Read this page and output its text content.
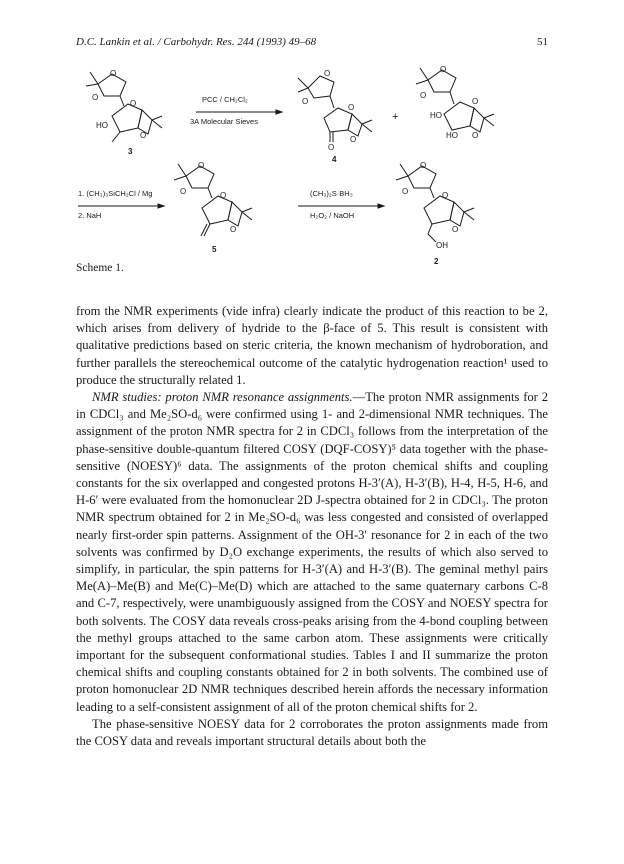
D.C. Lankin et al. / Carbohydr. Res. 244 (1993) 49–68	51
O
O
O
O
HO
3
PCC / CH₂Cl₂
3A Molecular Sieves
O
O
O
O
O
4
+
O
O
O
O
HO
HO
1. (CH₃)₃SiCH₂Cl / Mg
2. NaH
O
O	O
O
5
(CH₃)₂S·BH₃
H₂O₂ / NaOH
O
O	O
O
OH
2
Scheme 1.

from the NMR experiments (vide infra) clearly indicate the product of this reaction to be 2, which arises from delivery of hydride to the β-face of 5. This result is consistent with qualitative predictions based on steric criteria, the known mechanism of hydroboration, and further parallels the stereochemical outcome of the catalytic hydrogenation reaction¹ used to produce the structurally related 1.

NMR studies: proton NMR resonance assignments.—The proton NMR assignments for 2 in CDCl₃ and Me₂SO-d₆ were confirmed using 1- and 2-dimensional NMR techniques. The assignment of the proton NMR spectra for 2 in CDCl₃ follows from the interpretation of the phase-sensitive double-quantum filtered COSY (DQF-COSY)⁵ data together with the phase-sensitive (NOESY)⁶ data. The assignments of the proton chemical shifts and coupling constants for the six overlapped and congested protons H-3′(A), H-3′(B), H-4, H-5, H-6, and H-6′ were evaluated from the homonuclear 2D J-spectra obtained for 2 in CDCl₃. The proton NMR spectrum obtained for 2 in Me₂SO-d₆ was less congested and consisted of overlapped nearly first-order spin patterns. Assignment of the OH-3′ resonance for 2 in each of the two solvents was confirmed by D₂O exchange experiments, the results of which also served to simplify, in particular, the spin patterns for H-3′(A) and H-3′(B). The geminal methyl pairs Me(A)–Me(B) and Me(C)–Me(D) which are attached to the same quaternary carbons C-8 and C-7, respectively, were unambiguously assigned from the COSY and NOESY spectra for both solvents. The COSY data reveals cross-peaks arising from the 4-bond coupling between the methyl groups attached to the same carbon atom. These assignments were critically important for the subsequent conformational studies. Tables I and II summarize the proton chemical shifts and coupling constants obtained for 2 in both solvents. The combined use of proton homonuclear 2D NMR techniques described herein affords the necessary information leading to a self-consistent assignment of all of the proton chemical shifts for 2.

The phase-sensitive NOESY data for 2 corroborates the proton assignments made from the COSY data and reveals important structural details about both the
